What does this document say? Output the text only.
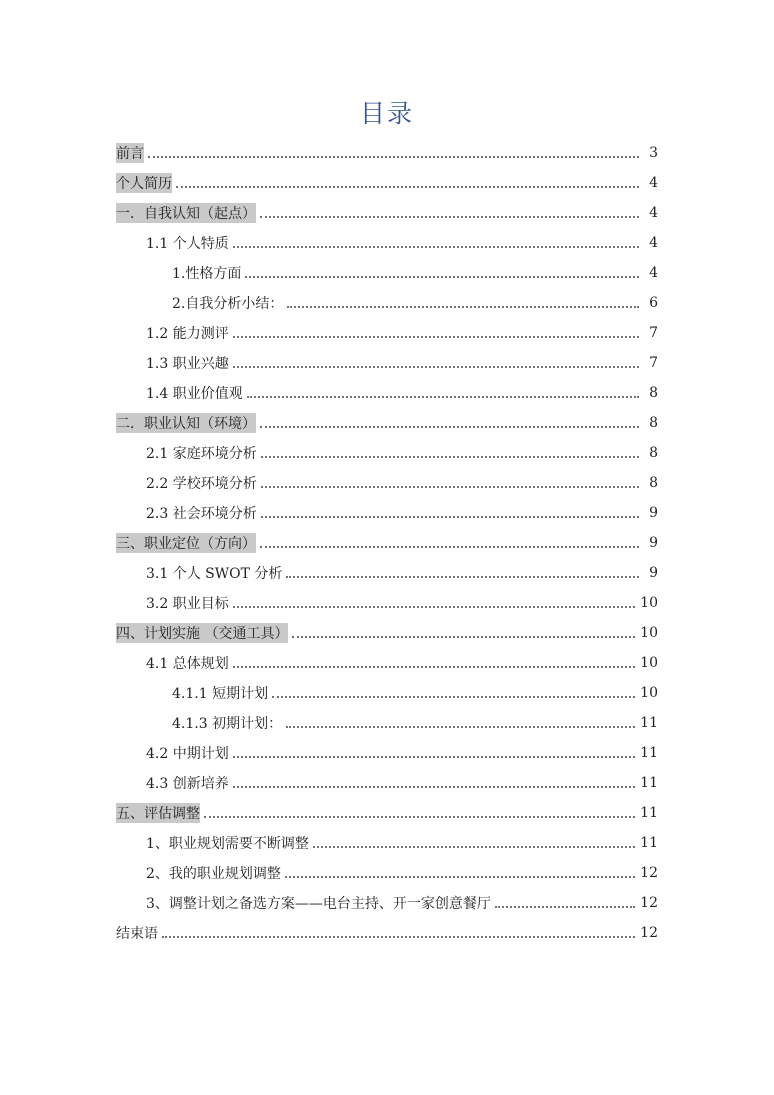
目录
前言	3
个人简历	4
一．自我认知（起点）	4
1.1 个人特质	4
1.性格方面	4
2.自我分析小结：	6
1.2 能力测评	7
1.3 职业兴趣	7
1.4 职业价值观	8
二．职业认知（环境）	8
2.1 家庭环境分析	8
2.2 学校环境分析	8
2.3 社会环境分析	9
三、职业定位（方向）	9
3.1 个人 SWOT 分析	9
3.2 职业目标	10
四、计划实施 （交通工具）	10
4.1 总体规划	10
4.1.1 短期计划	10
4.1.3 初期计划：	11
4.2 中期计划	11
4.3 创新培养	11
五、评估调整	11
1、职业规划需要不断调整	11
2、我的职业规划调整	12
3、调整计划之备选方案——电台主持、开一家创意餐厅	12
结束语	12
